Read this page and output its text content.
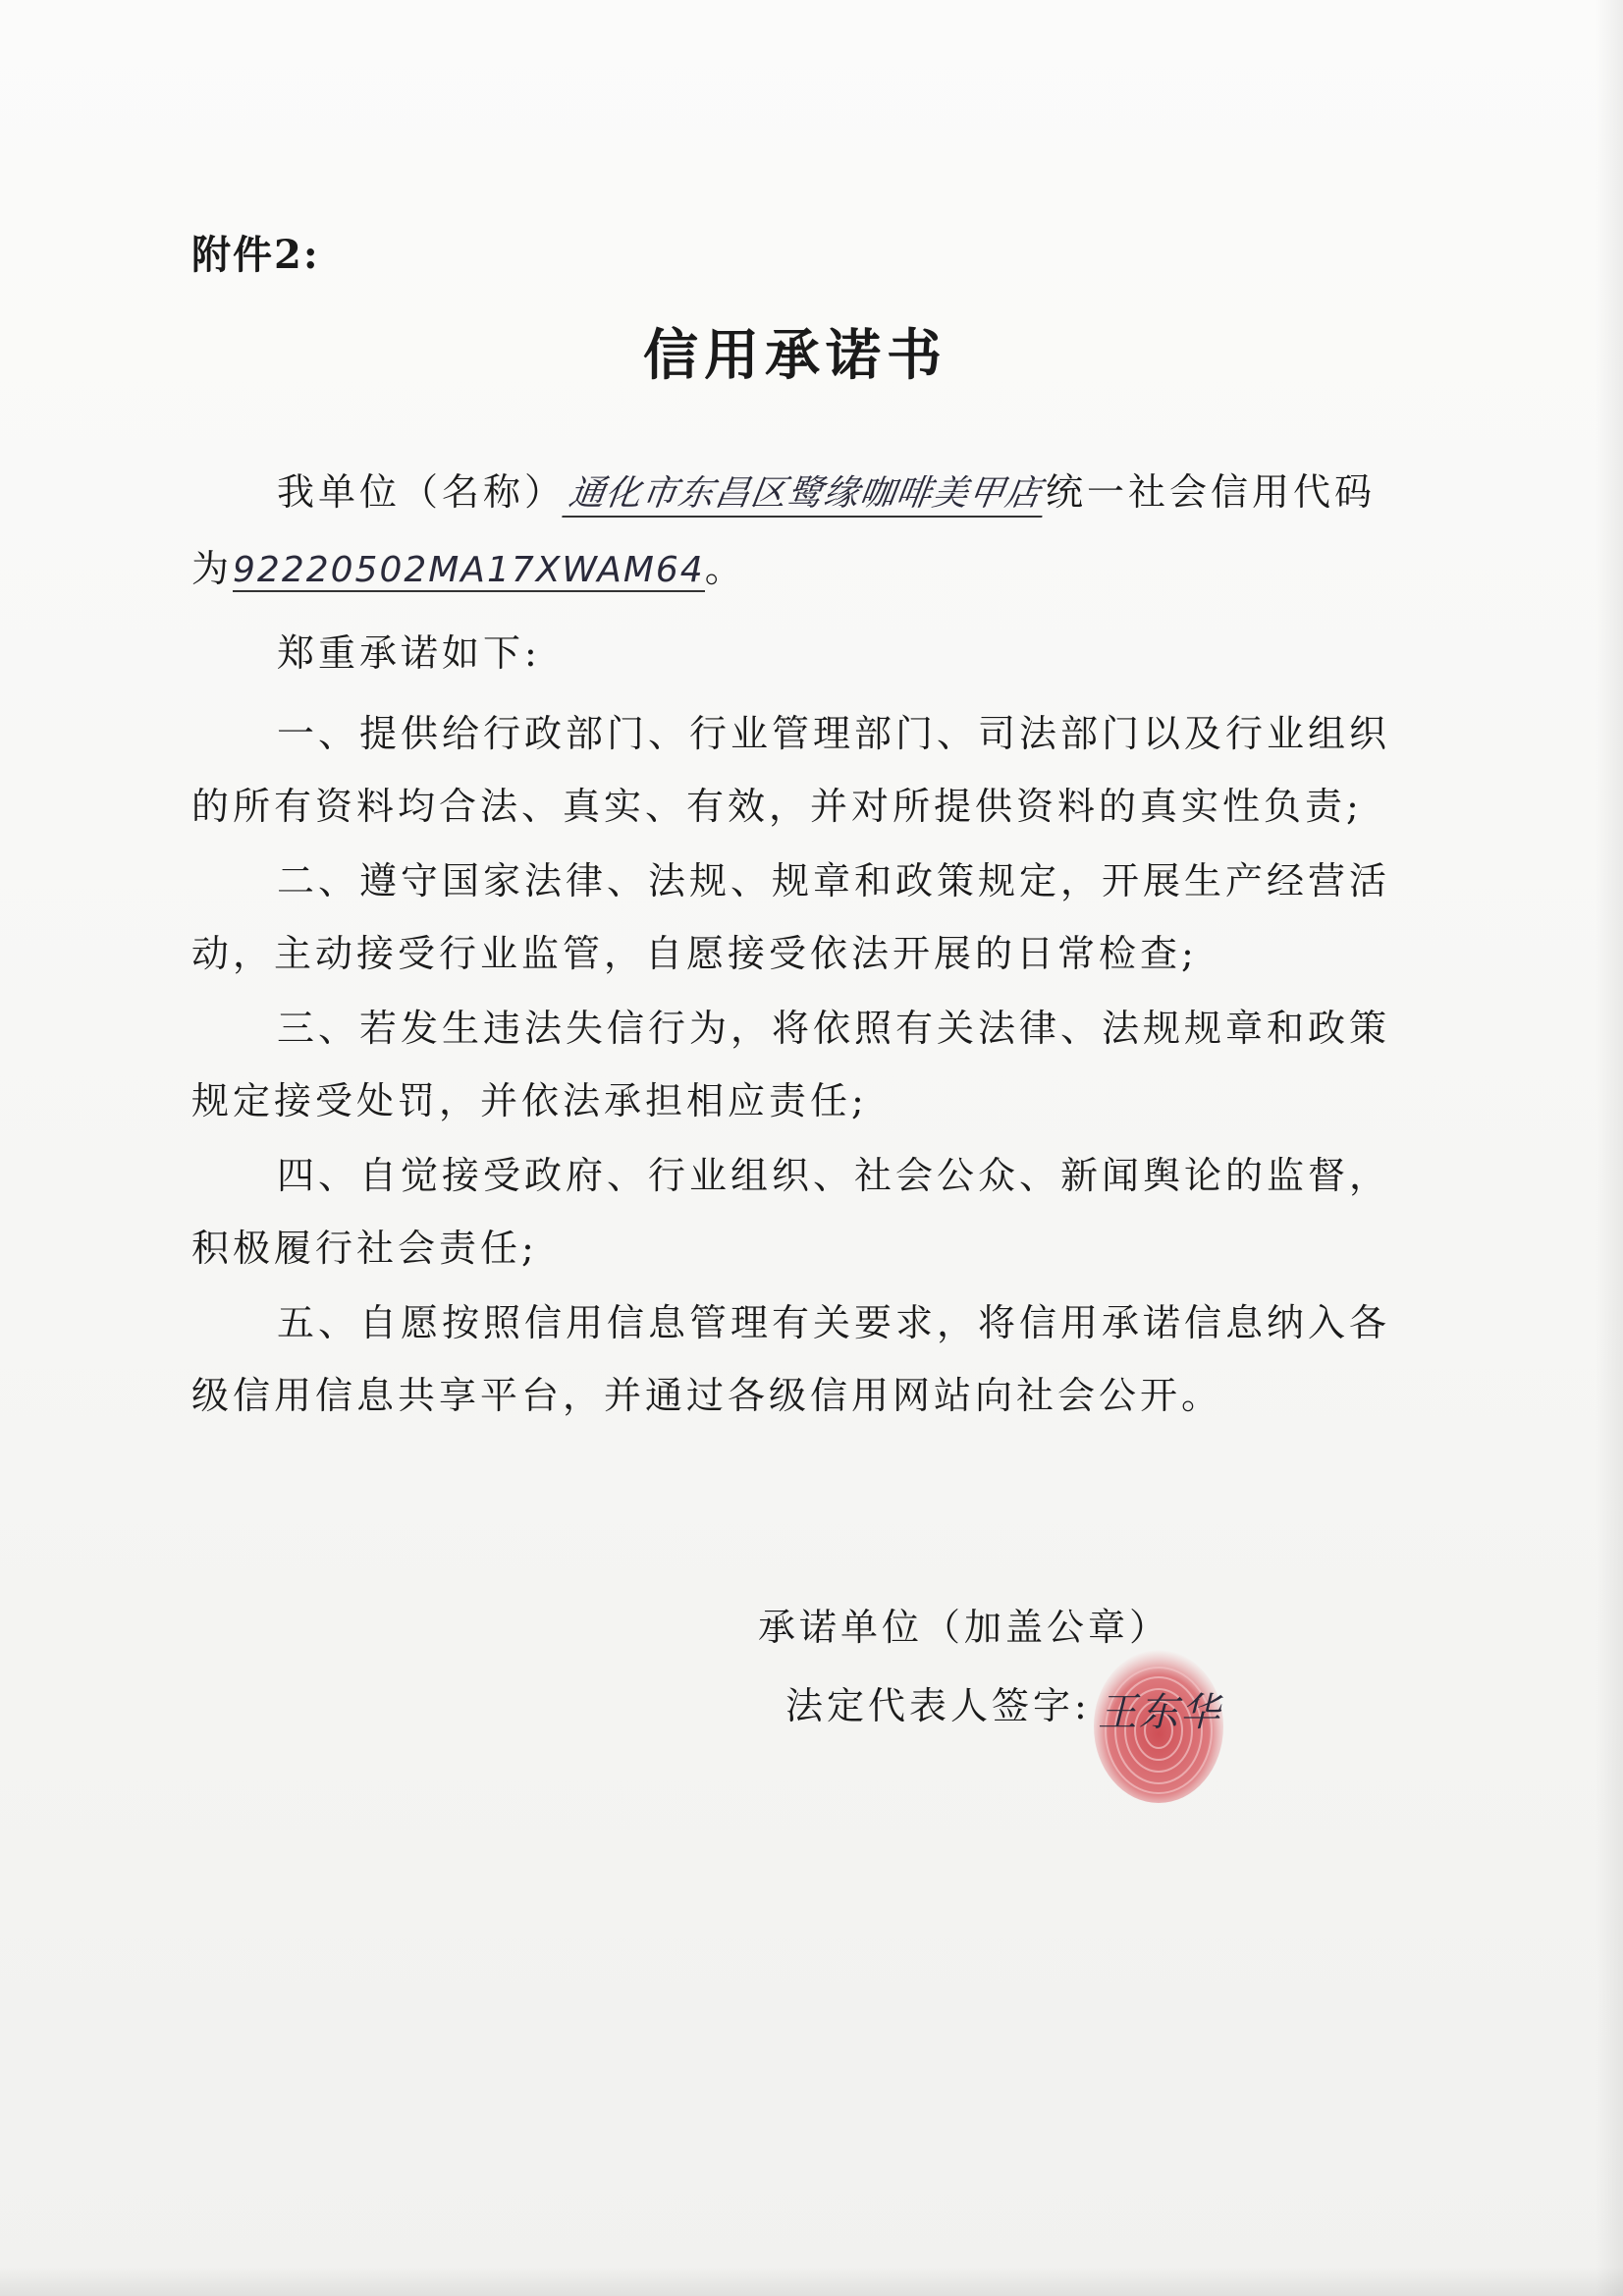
附件2:
信用承诺书
我单位（名称）通化市东昌区鹭缘咖啡美甲店统一社会信用代码
为92220502MA17XWAM64。
郑重承诺如下:
一、提供给行政部门、行业管理部门、司法部门以及行业组织
的所有资料均合法、真实、有效，并对所提供资料的真实性负责;
二、遵守国家法律、法规、规章和政策规定，开展生产经营活
动，主动接受行业监管，自愿接受依法开展的日常检查;
三、若发生违法失信行为，将依照有关法律、法规规章和政策
规定接受处罚，并依法承担相应责任;
四、自觉接受政府、行业组织、社会公众、新闻舆论的监督，
积极履行社会责任;
五、自愿按照信用信息管理有关要求，将信用承诺信息纳入各
级信用信息共享平台，并通过各级信用网站向社会公开。
承诺单位（加盖公章）
法定代表人签字: 王东华
